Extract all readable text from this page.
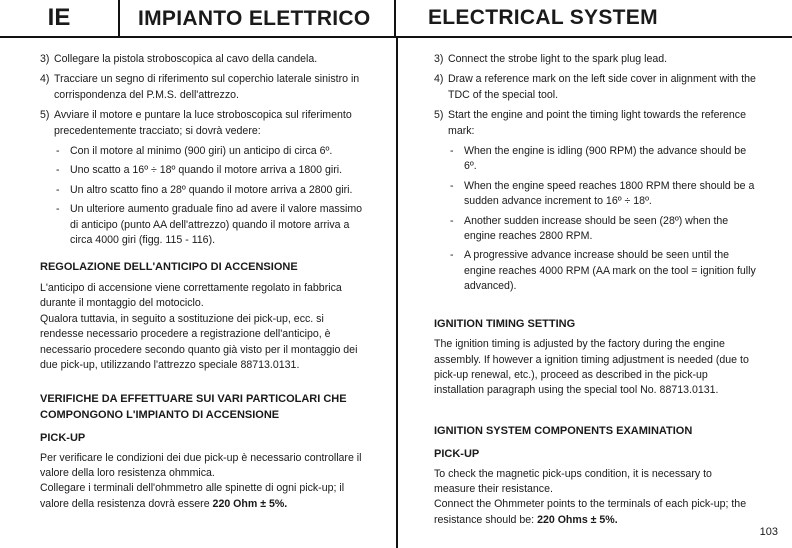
IE	IMPIANTO ELETTRICO	ELECTRICAL SYSTEM
3) Collegare la pistola stroboscopica al cavo della candela.
4) Tracciare un segno di riferimento sul coperchio laterale sinistro in corrispondenza del P.M.S. dell'attrezzo.
5) Avviare il motore e puntare la luce stroboscopica sul riferimento precedentemente tracciato; si dovrà vedere:
- Con il motore al minimo (900 giri) un anticipo di circa 6º.
- Uno scatto a 16º ÷ 18º quando il motore arriva a 1800 giri.
- Un altro scatto fino a 28º quando il motore arriva a 2800 giri.
- Un ulteriore aumento graduale fino ad avere il valore massimo di anticipo (punto AA dell'attrezzo) quando il motore arriva a circa 4000 giri (figg. 115 - 116).

REGOLAZIONE DELL'ANTICIPO DI ACCENSIONE

L'anticipo di accensione viene correttamente regolato in fabbrica durante il montaggio del motociclo.

Qualora tuttavia, in seguito a sostituzione dei pick-up, ecc. si rendesse necessario procedere a registrazione dell'anticipo, è necessario procedere secondo quanto già visto per il montaggio dei due pick-up, utilizzando l'attrezzo speciale 88713.0131.

VERIFICHE DA EFFETTUARE SUI VARI PARTICOLARI CHE COMPONGONO L'IMPIANTO DI ACCENSIONE

PICK-UP

Per verificare le condizioni dei due pick-up è necessario controllare il valore della loro resistenza ohmmica.

Collegare i terminali dell'ohmmetro alle spinette di ogni pick-up; il valore della resistenza dovrà essere 220 Ohm ± 5%.

3) Connect the strobe light to the spark plug lead.
4) Draw a reference mark on the left side cover in alignment with the TDC of the special tool.
5) Start the engine and point the timing light towards the reference mark:
- When the engine is idling (900 RPM) the advance should be 6º.
- When the engine speed reaches 1800 RPM there should be a sudden advance increment to 16º ÷ 18º.
- Another sudden increase should be seen (28º) when the engine reaches 2800 RPM.
- A progressive advance increase should be seen until the engine reaches 4000 RPM (AA mark on the tool = ignition fully advanced).

IGNITION TIMING SETTING

The ignition timing is adjusted by the factory during the engine assembly. If however a ignition timing adjustment is needed (due to pick-up renewal, etc.), proceed as described in the pick-up installation paragraph using the special tool No. 88713.0131.

IGNITION SYSTEM COMPONENTS EXAMINATION

PICK-UP

To check the magnetic pick-ups condition, it is necessary to measure their resistance.

Connect the Ohmmeter points to the terminals of each pick-up; the resistance should be: 220 Ohms ± 5%.

103
